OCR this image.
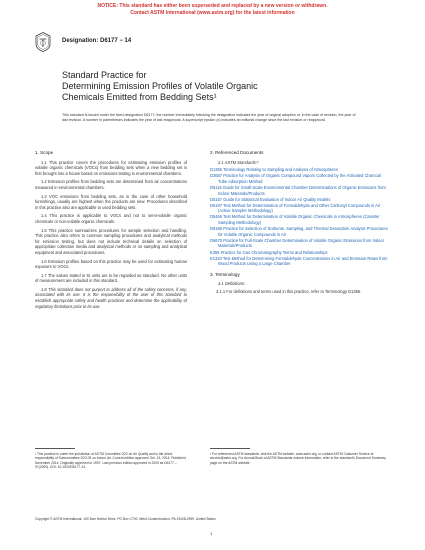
NOTICE: This standard has either been superseded and replaced by a new version or withdrawn.
Contact ASTM International (www.astm.org) for the latest information
Designation: D6177 − 14
Standard Practice for
Determining Emission Profiles of Volatile Organic
Chemicals Emitted from Bedding Sets¹
This standard is issued under the fixed designation D6177; the number immediately following the designation indicates the year of original adoption or, in the case of revision, the year of last revision. A number in parentheses indicates the year of last reapproval. A superscript epsilon (ε) indicates an editorial change since the last revision or reapproval.
1. Scope
1.1 This practice covers the procedures for estimating emission profiles of volatile organic chemicals (VOCs) from bedding sets when a new bedding set is first brought into a house based on emissions testing in environmental chambers.
1.2 Emission profiles from bedding sets are determined from air concentrations measured in environmental chambers.
1.3 VOC emissions from bedding sets, as in the case of other household furnishings, usually are highest when the products are new. Procedures described in this practice also are applicable to used bedding sets.
1.4 This practice is applicable to VOCs and not to semi-volatile organic chemicals or non-volatile organic chemicals.
1.5 This practice summarizes procedures for sample selection and handling. This practice also refers to common sampling procedures and analytical methods for emission testing, but does not include technical details on selection of appropriate collection media and analytical methods or on sampling and analytical equipment and associated procedures.
1.6 Emission profiles based on this practice may be used for estimating human exposure to VOCs.
1.7 The values stated in SI units are to be regarded as standard. No other units of measurement are included in this standard.
1.8 This standard does not purport to address all of the safety concerns, if any, associated with its use. It is the responsibility of the user of this standard to establish appropriate safety and health practices and determine the applicability of regulatory limitations prior to its use.
2. Referenced Documents
2.1 ASTM Standards:²
D1356 Terminology Relating to Sampling and Analysis of Atmospheres
D3687 Practice for Analysis of Organic Compound Vapors Collected by the Activated Charcoal Tube Adsorption Method
D5116 Guide for Small-Scale Environmental Chamber Determinations of Organic Emissions from Indoor Materials/Products
D5157 Guide for Statistical Evaluation of Indoor Air Quality Models
D5197 Test Method for Determination of Formaldehyde and Other Carbonyl Compounds in Air (Active Sampler Methodology)
D5466 Test Method for Determination of Volatile Organic Chemicals in Atmospheres (Canister Sampling Methodology)
D6196 Practice for Selection of Sorbents, Sampling, and Thermal Desorption Analysis Procedures for Volatile Organic Compounds in Air
D6670 Practice for Full-Scale Chamber Determination of Volatile Organic Emissions from Indoor Materials/Products
E355 Practice for Gas Chromatography Terms and Relationships
E1333 Test Method for Determining Formaldehyde Concentrations in Air and Emission Rates from Wood Products Using a Large Chamber
3. Terminology
3.1 Definitions:
3.1.1 For definitions and terms used in this practice, refer to Terminology D1356.
¹ This practice is under the jurisdiction of ASTM Committee D22 on Air Quality and is the direct responsibility of Subcommittee D22.05 on Indoor Air. Current edition approved Oct. 15, 2014. Published November 2014. Originally approved in 1997. Last previous edition approved in 2009 as D6177 – 97(2009). DOI: 10.1520/D6177-14.
² For referenced ASTM standards, visit the ASTM website, www.astm.org, or contact ASTM Customer Service at service@astm.org. For Annual Book of ASTM Standards volume information, refer to the standard's Document Summary page on the ASTM website.
Copyright © ASTM International, 100 Barr Harbor Drive, PO Box C700, West Conshohocken, PA 19428-2959. United States
1
